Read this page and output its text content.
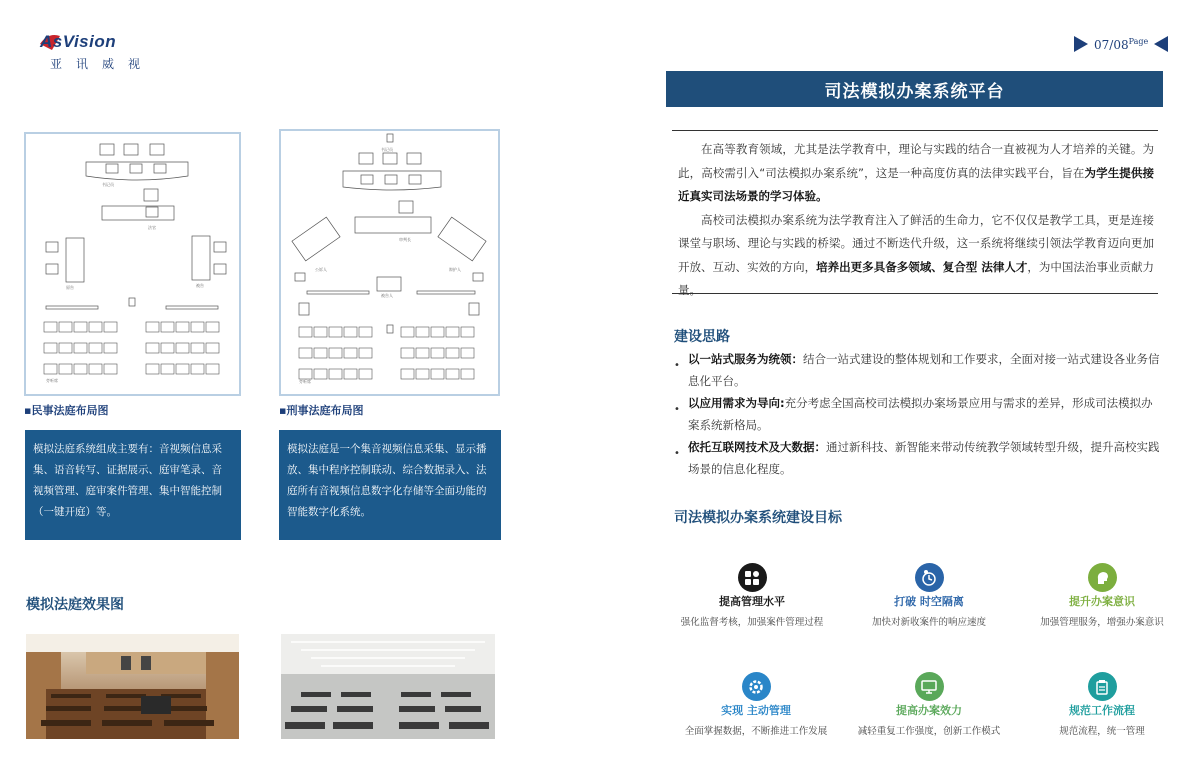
AsVision
亚讯威视
$07/08^{Page}$
书记员
法官
原告	被告
旁听席
▪民事法庭布局图
书记员
审判长
公诉人	辩护人
被告人
旁听席
▪刑事法庭布局图
模拟法庭系统组成主要有：音视频信息采集、语音转写、证据展示、庭审笔录、音视频管理、庭审案件管理、集中智能控制（一键开庭）等。
模拟法庭是一个集音视频信息采集、显示播放、集中程序控制联动、综合数据录入、法庭所有音视频信息数字化存储等全面功能的智能数字化系统。
模拟法庭效果图
司法模拟办案系统平台

在高等教育领域，尤其是法学教育中，理论与实践的结合一直被视为人才培养的关键。为此，高校需引入“司法模拟办案系统”，这是一种高度仿真的法律实践平台，旨在为学生提供接近真实司法场景的学习体验。

高校司法模拟办案系统为法学教育注入了鲜活的生命力，它不仅仅是教学工具，更是连接课堂与职场、理论与实践的桥梁。通过不断迭代升级，这一系统将继续引领法学教育迈向更加开放、互动、实效的方向，培养出更多具备多领域、复合型 法律人才，为中国法治事业贡献力量。

建设思路
• 以一站式服务为统领：结合一站式建设的整体规划和工作要求，全面对接一站式建设各业务信息化平台。
• 以应用需求为导向:充分考虑全国高校司法模拟办案场景应用与需求的差异，形成司法模拟办案系统新格局。
• 依托互联网技术及大数据：通过新科技、新智能来带动传统教学领域转型升级，提升高校实践场景的信息化程度。
司法模拟办案系统建设目标
提高管理水平
强化监督考核，加强案件管理过程
打破 时空隔离
加快对新收案件的响应速度
提升办案意识
加强管理服务，增强办案意识
实现 主动管理
全面掌握数据，不断推进工作发展
提高办案效力
减轻重复工作强度，创新工作模式
规范工作流程
规范流程，统一管理
